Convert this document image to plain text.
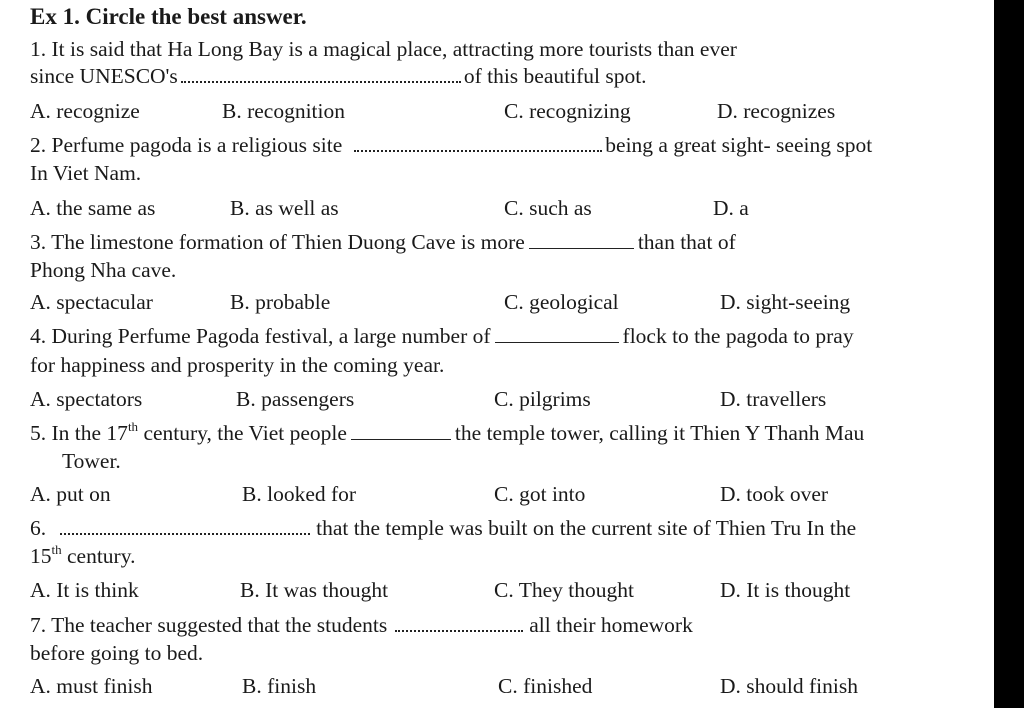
Ex 1. Circle the best answer.
1. It is said that Ha Long Bay is a magical place, attracting more tourists than ever
since UNESCO's	of this beautiful spot.
A. recognize	B. recognition	C. recognizing	D. recognizes
2. Perfume pagoda is a religious site	being a great sight- seeing spot
In Viet Nam.
A. the same as	B. as well as	C. such as	D. a
3. The limestone formation of Thien Duong Cave is more	than that of
Phong Nha cave.
A. spectacular	B. probable	C. geological	D. sight-seeing
4. During Perfume Pagoda festival, a large number of	flock to the pagoda to pray
for happiness and prosperity in the coming year.
A. spectators	B. passengers	C. pilgrims	D. travellers
5. In the 17th century, the Viet people	the temple tower, calling it Thien Y Thanh Mau
Tower.
A. put on	B. looked for	C. got into	D. took over
6.	that the temple was built on the current site of Thien Tru In the
15th century.
A. It is think	B. It was thought	C. They thought	D. It is thought
7. The teacher suggested that the students	all their homework
before going to bed.
A. must finish	B. finish	C. finished	D. should finish
